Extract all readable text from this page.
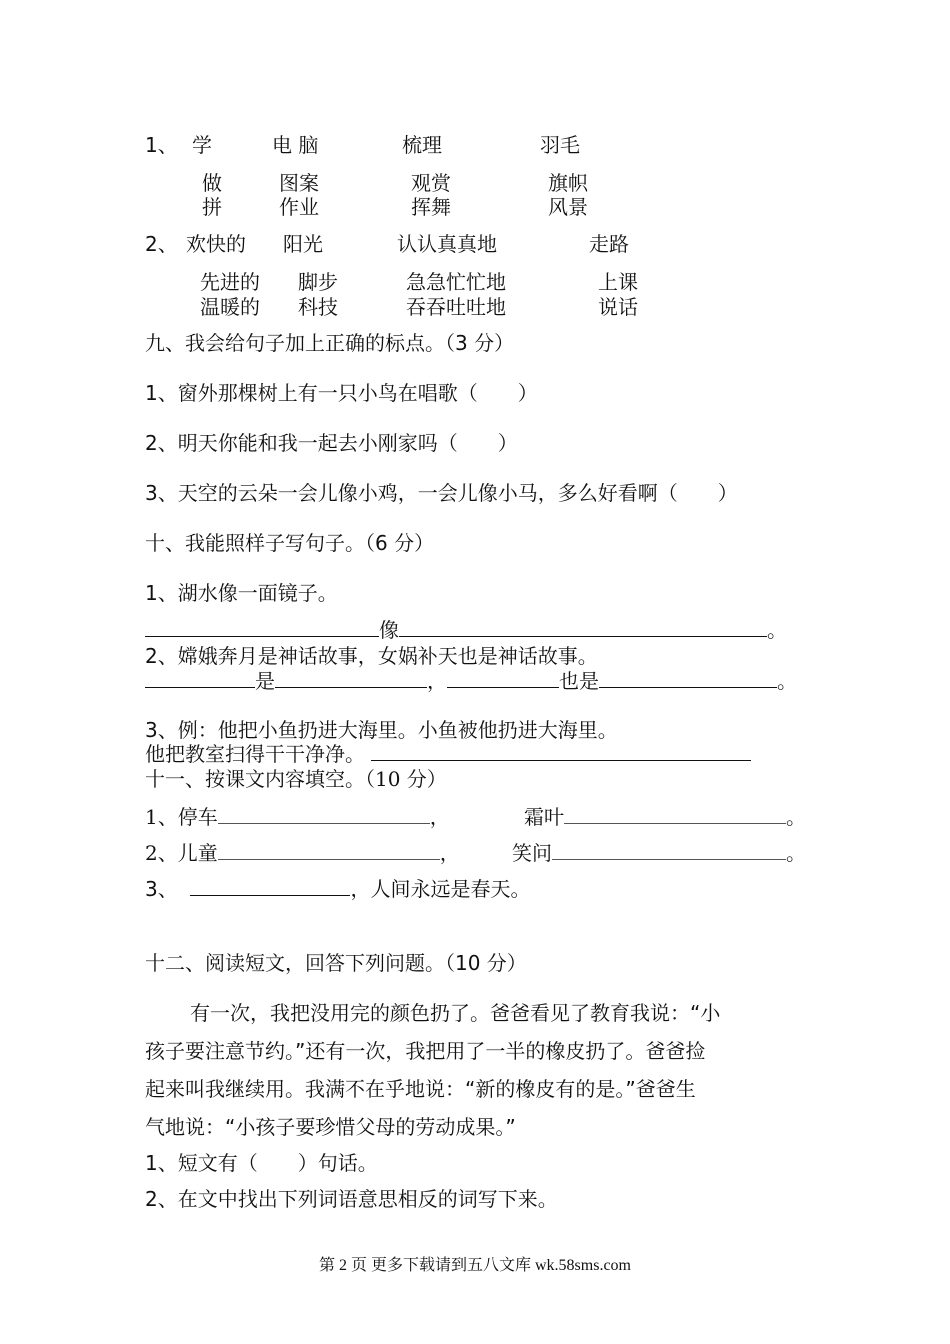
1、 学	电 脑	梳理	羽毛
做	图案	观赏	旗帜
拼	作业	挥舞	风景
2、 欢快的 阳光	认认真真地	走路
先进的 脚步	急急忙忙地	上课
温暖的 科技	吞吞吐吐地	说话
九、我会给句子加上正确的标点。（3 分）
1、窗外那棵树上有一只小鸟在唱歌（　　）
2、明天你能和我一起去小刚家吗（　　）
3、天空的云朵一会儿像小鸡，一会儿像小马，多么好看啊（　　）
十、我能照样子写句子。（6 分）
1、湖水像一面镜子。
像	。
2、嫦娥奔月是神话故事，女娲补天也是神话故事。
是	，	也是	。
3、例：他把小鱼扔进大海里。小鱼被他扔进大海里。
他把教室扫得干干净净。
十一、按课文内容填空。（10 分）
1、停车	，	霜叶	。
2、儿童	，	笑问	。
3、	，人间永远是春天。
十二、阅读短文，回答下列问题。（10 分）
有一次，我把没用完的颜色扔了。爸爸看见了教育我说：“小
孩子要注意节约。”还有一次，我把用了一半的橡皮扔了。爸爸捡
起来叫我继续用。我满不在乎地说：“新的橡皮有的是。”爸爸生
气地说：“小孩子要珍惜父母的劳动成果。”
1、短文有（　　）句话。
2、在文中找出下列词语意思相反的词写下来。
第 2 页 更多下载请到五八文库 wk.58sms.com
